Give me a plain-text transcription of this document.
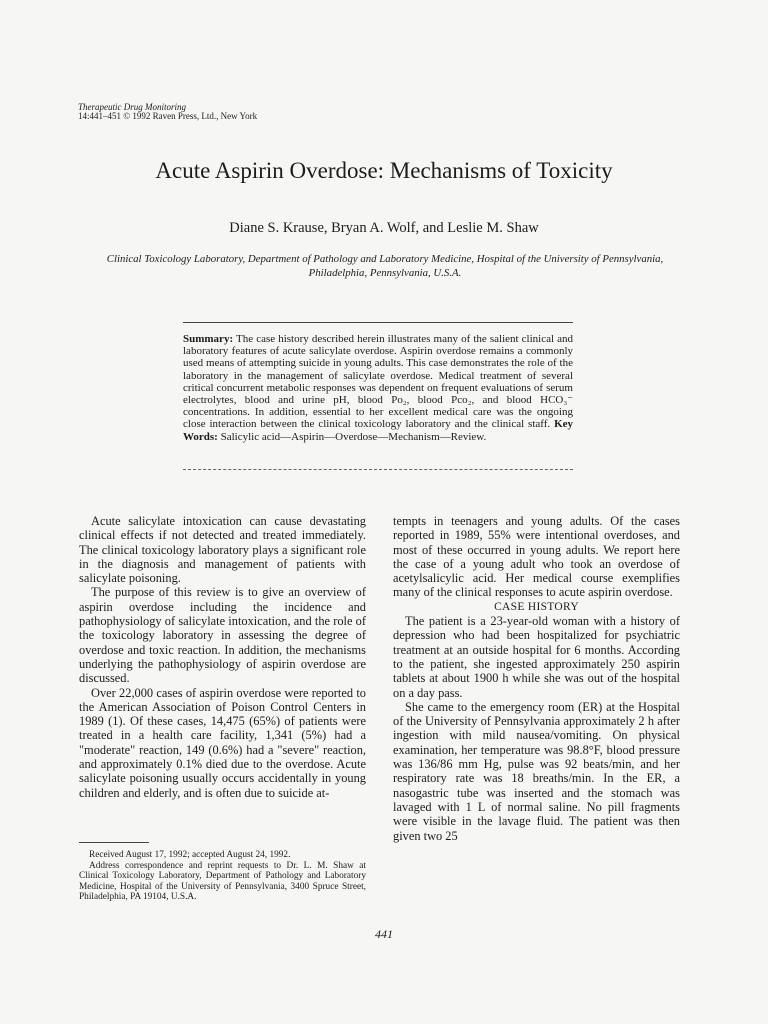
Therapeutic Drug Monitoring
14:441–451 © 1992 Raven Press, Ltd., New York
Acute Aspirin Overdose: Mechanisms of Toxicity
Diane S. Krause, Bryan A. Wolf, and Leslie M. Shaw
Clinical Toxicology Laboratory, Department of Pathology and Laboratory Medicine, Hospital of the University of Pennsylvania, Philadelphia, Pennsylvania, U.S.A.
Summary: The case history described herein illustrates many of the salient clinical and laboratory features of acute salicylate overdose. Aspirin overdose remains a commonly used means of attempting suicide in young adults. This case demonstrates the role of the laboratory in the management of salicylate overdose. Medical treatment of several critical concurrent metabolic responses was dependent on frequent evaluations of serum electrolytes, blood and urine pH, blood Po₂, blood Pco₂, and blood HCO₃⁻ concentrations. In addition, essential to her excellent medical care was the ongoing close interaction between the clinical toxicology laboratory and the clinical staff. Key Words: Salicylic acid—Aspirin—Overdose—Mechanism—Review.

Acute salicylate intoxication can cause devastating clinical effects if not detected and treated immediately. The clinical toxicology laboratory plays a significant role in the diagnosis and management of patients with salicylate poisoning.

The purpose of this review is to give an overview of aspirin overdose including the incidence and pathophysiology of salicylate intoxication, and the role of the toxicology laboratory in assessing the degree of overdose and toxic reaction. In addition, the mechanisms underlying the pathophysiology of aspirin overdose are discussed.

Over 22,000 cases of aspirin overdose were reported to the American Association of Poison Control Centers in 1989 (1). Of these cases, 14,475 (65%) of patients were treated in a health care facility, 1,341 (5%) had a "moderate" reaction, 149 (0.6%) had a "severe" reaction, and approximately 0.1% died due to the overdose. Acute salicylate poisoning usually occurs accidentally in young children and elderly, and is often due to suicide at-

tempts in teenagers and young adults. Of the cases reported in 1989, 55% were intentional overdoses, and most of these occurred in young adults. We report here the case of a young adult who took an overdose of acetylsalicylic acid. Her medical course exemplifies many of the clinical responses to acute aspirin overdose.

CASE HISTORY

The patient is a 23-year-old woman with a history of depression who had been hospitalized for psychiatric treatment at an outside hospital for 6 months. According to the patient, she ingested approximately 250 aspirin tablets at about 1900 h while she was out of the hospital on a day pass.

She came to the emergency room (ER) at the Hospital of the University of Pennsylvania approximately 2 h after ingestion with mild nausea/vomiting. On physical examination, her temperature was 98.8°F, blood pressure was 136/86 mm Hg, pulse was 92 beats/min, and her respiratory rate was 18 breaths/min. In the ER, a nasogastric tube was inserted and the stomach was lavaged with 1 L of normal saline. No pill fragments were visible in the lavage fluid. The patient was then given two 25

Received August 17, 1992; accepted August 24, 1992.

Address correspondence and reprint requests to Dr. L. M. Shaw at Clinical Toxicology Laboratory, Department of Pathology and Laboratory Medicine, Hospital of the University of Pennsylvania, 3400 Spruce Street, Philadelphia, PA 19104, U.S.A.

441
